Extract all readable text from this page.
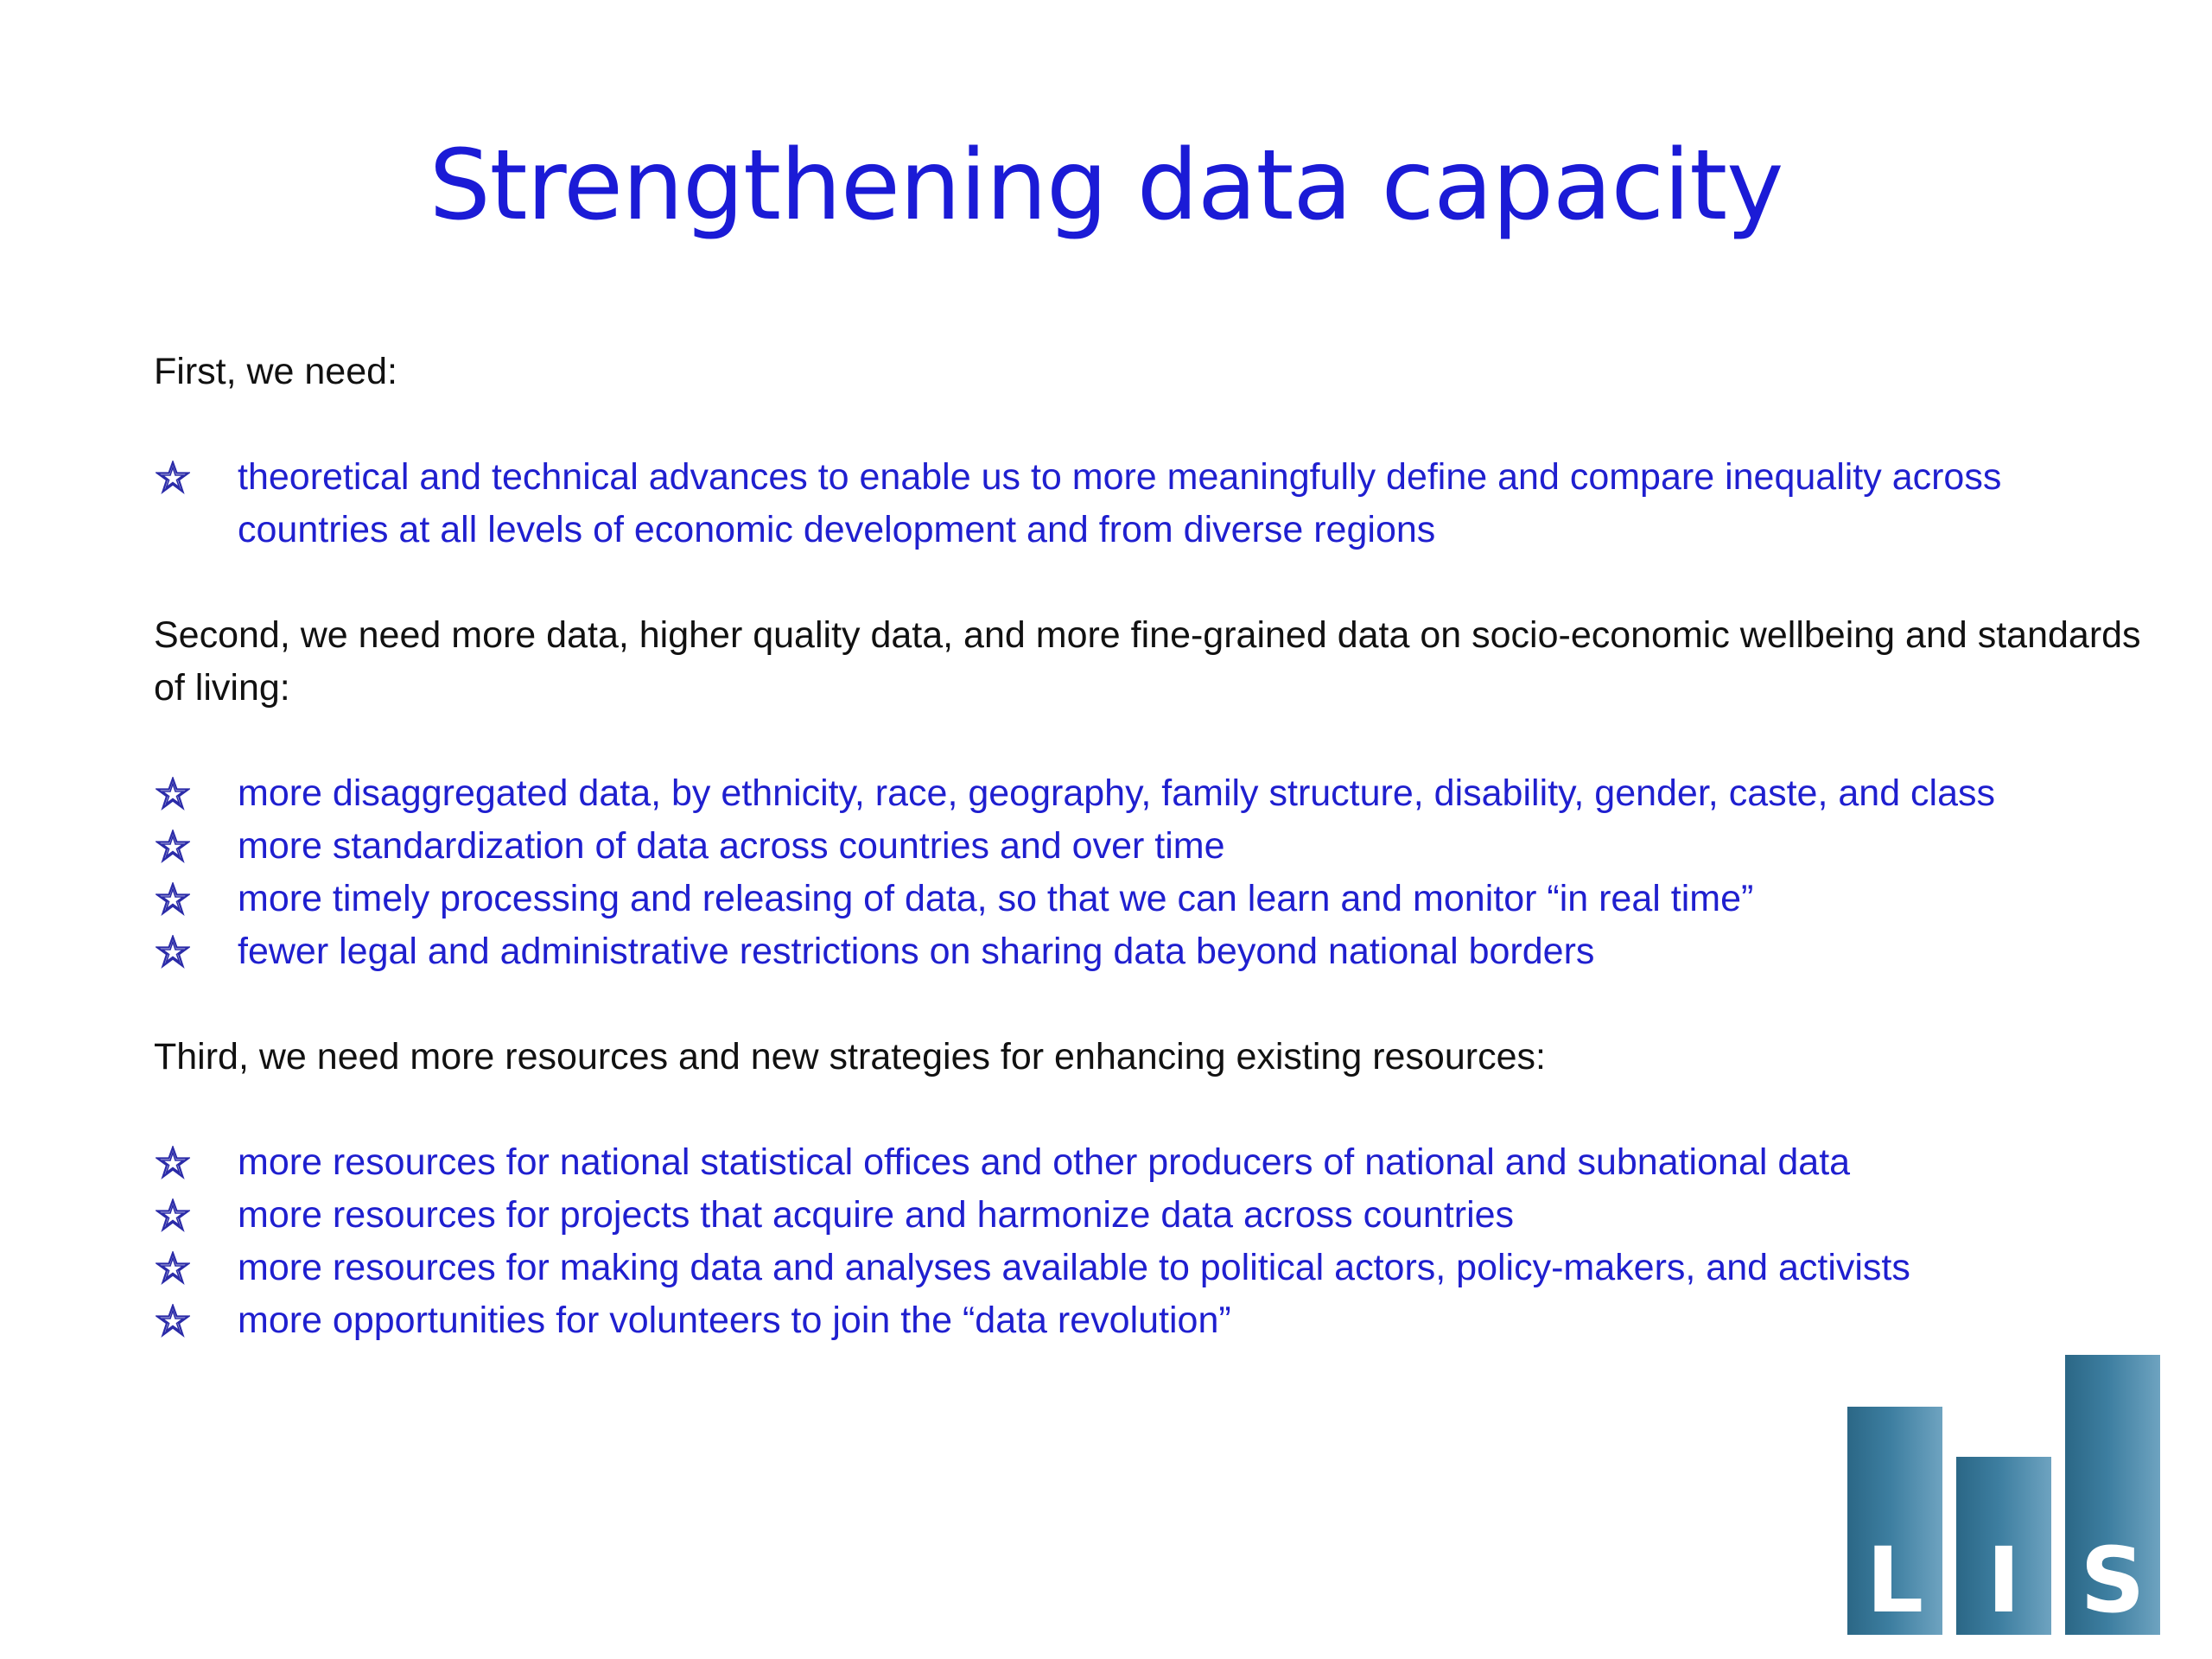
Strengthening data capacity

First, we need:

theoretical and technical advances to enable us to more meaningfully define and compare inequality across countries at all levels of economic development and from diverse regions

Second, we need more data, higher quality data, and more fine-grained data on socio-economic wellbeing and standards of living:

more disaggregated data, by ethnicity, race, geography, family structure, disability, gender, caste, and class
more standardization of data across countries and over time
more timely processing and releasing of data, so that we can learn and monitor “in real time”
fewer legal and administrative restrictions on sharing data beyond national borders

Third, we need more resources and new strategies for enhancing existing resources:

more resources for national statistical offices and other producers of national and subnational data
more resources for projects that acquire and harmonize data across countries
more resources for making data and analyses available to political actors, policy-makers, and activists
more opportunities for volunteers to join the “data revolution”
L I S
